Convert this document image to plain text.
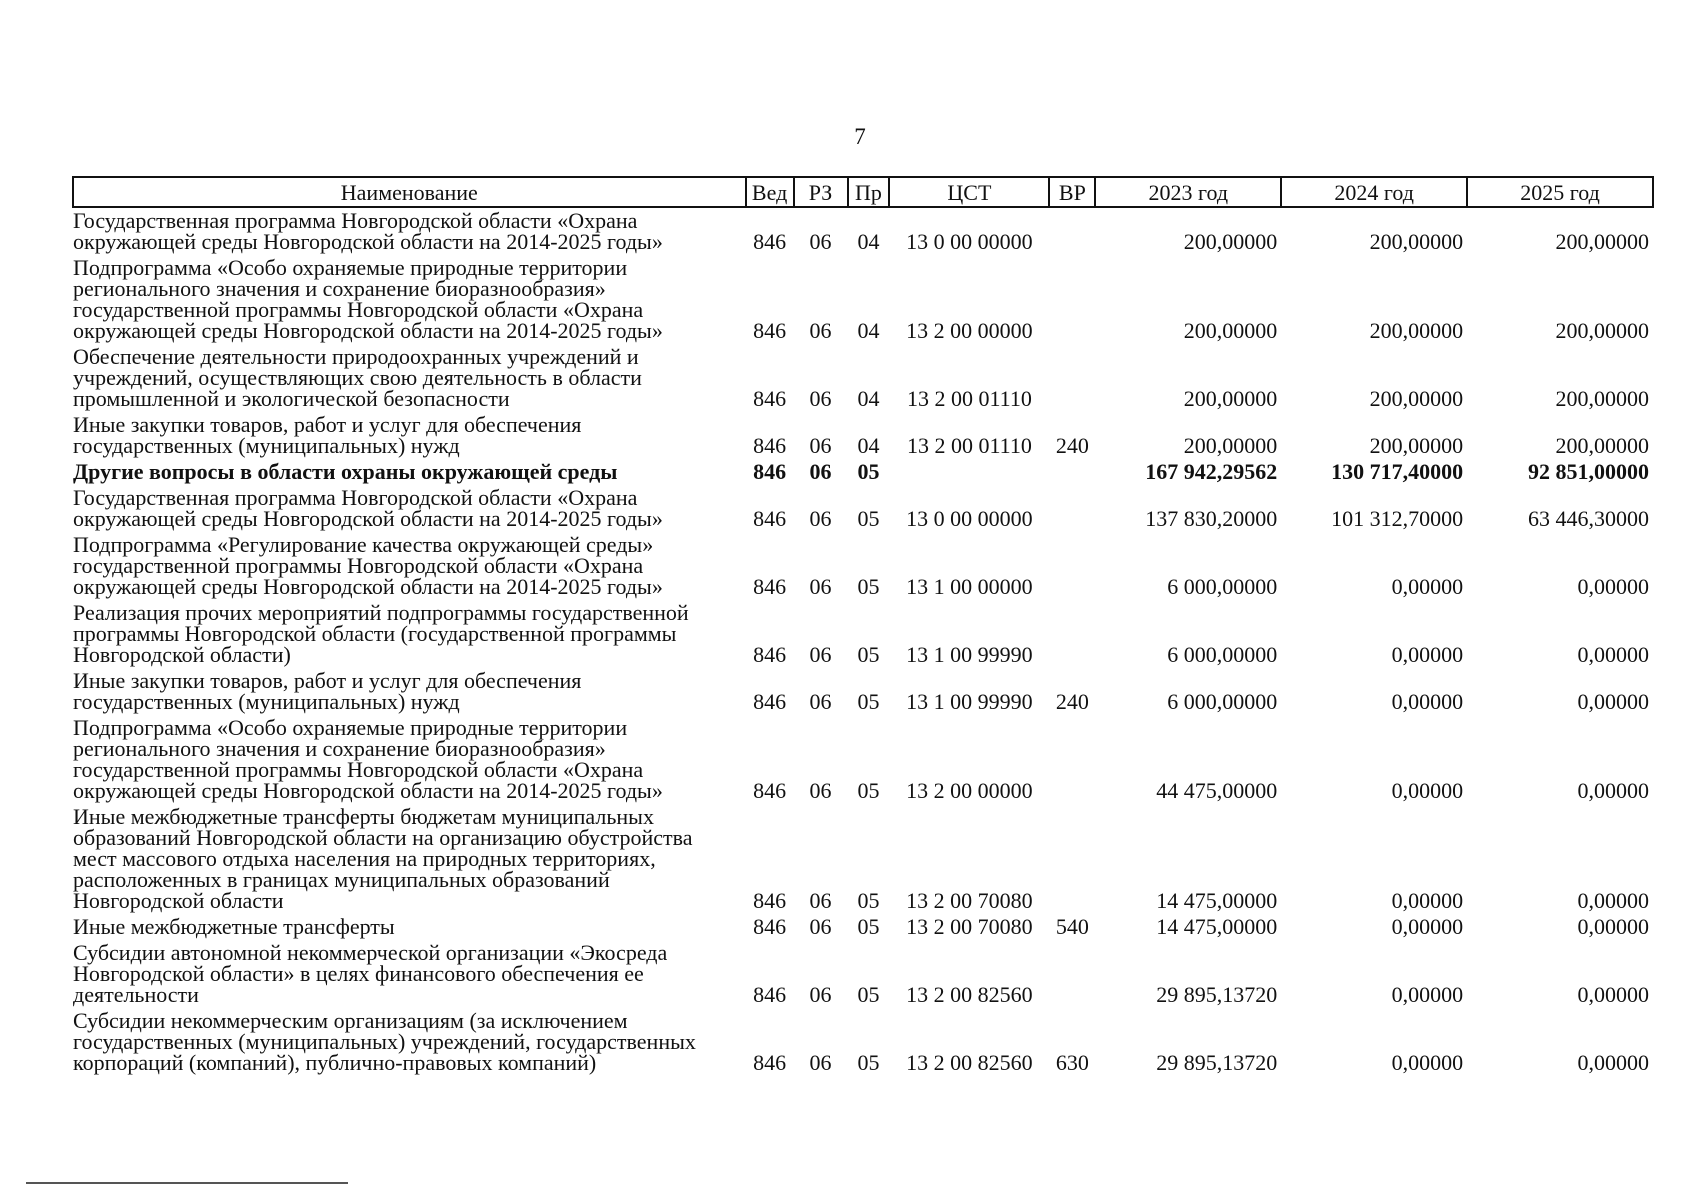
7
Наименование	Вед	РЗ	Пр	ЦСТ	ВР	2023 год	2024 год	2025 год
Государственная программа Новгородской области «Охрана окружающей среды Новгородской области на 2014-2025 годы»	846	06	04	13 0 00 00000		200,00000	200,00000	200,00000
Подпрограмма «Особо охраняемые природные территории регионального значения и сохранение биоразнообразия» государственной программы Новгородской области «Охрана окружающей среды Новгородской области на 2014-2025 годы»	846	06	04	13 2 00 00000		200,00000	200,00000	200,00000
Обеспечение деятельности природоохранных учреждений и учреждений, осуществляющих свою деятельность в области промышленной и экологической безопасности	846	06	04	13 2 00 01110		200,00000	200,00000	200,00000
Иные закупки товаров, работ и услуг для обеспечения государственных (муниципальных) нужд	846	06	04	13 2 00 01110	240	200,00000	200,00000	200,00000
Другие вопросы в области охраны окружающей среды	846	06	05			167 942,29562	130 717,40000	92 851,00000
Государственная программа Новгородской области «Охрана окружающей среды Новгородской области на 2014-2025 годы»	846	06	05	13 0 00 00000		137 830,20000	101 312,70000	63 446,30000
Подпрограмма «Регулирование качества окружающей среды» государственной программы Новгородской области «Охрана окружающей среды Новгородской области на 2014-2025 годы»	846	06	05	13 1 00 00000		6 000,00000	0,00000	0,00000
Реализация прочих мероприятий подпрограммы государственной программы Новгородской области (государственной программы Новгородской области)	846	06	05	13 1 00 99990		6 000,00000	0,00000	0,00000
Иные закупки товаров, работ и услуг для обеспечения государственных (муниципальных) нужд	846	06	05	13 1 00 99990	240	6 000,00000	0,00000	0,00000
Подпрограмма «Особо охраняемые природные территории регионального значения и сохранение биоразнообразия» государственной программы Новгородской области «Охрана окружающей среды Новгородской области на 2014-2025 годы»	846	06	05	13 2 00 00000		44 475,00000	0,00000	0,00000
Иные межбюджетные трансферты бюджетам муниципальных образований Новгородской области на организацию обустройства мест массового отдыха населения на природных территориях, расположенных в границах муниципальных образований Новгородской области	846	06	05	13 2 00 70080		14 475,00000	0,00000	0,00000
Иные межбюджетные трансферты	846	06	05	13 2 00 70080	540	14 475,00000	0,00000	0,00000
Субсидии автономной некоммерческой организации «Экосреда Новгородской области» в целях финансового обеспечения ее деятельности	846	06	05	13 2 00 82560		29 895,13720	0,00000	0,00000
Субсидии некоммерческим организациям (за исключением государственных (муниципальных) учреждений, государственных корпораций (компаний), публично-правовых компаний)	846	06	05	13 2 00 82560	630	29 895,13720	0,00000	0,00000
